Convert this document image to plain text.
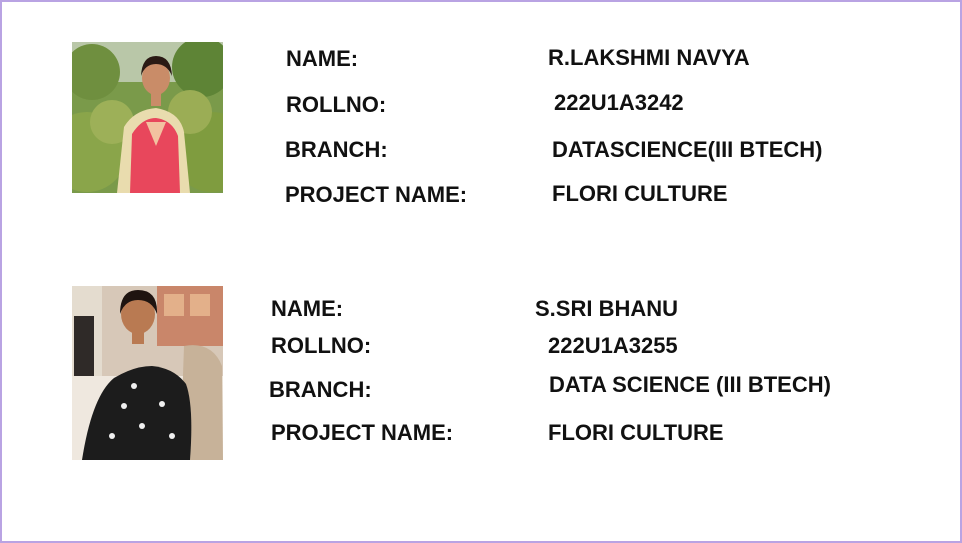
NAME:	R.LAKSHMI NAVYA
ROLLNO:	222U1A3242
BRANCH:	DATASCIENCE(III BTECH)
PROJECT NAME:	FLORI CULTURE
NAME:	S.SRI BHANU
ROLLNO:	222U1A3255
BRANCH:	DATA SCIENCE (III BTECH)
PROJECT NAME:	FLORI CULTURE
